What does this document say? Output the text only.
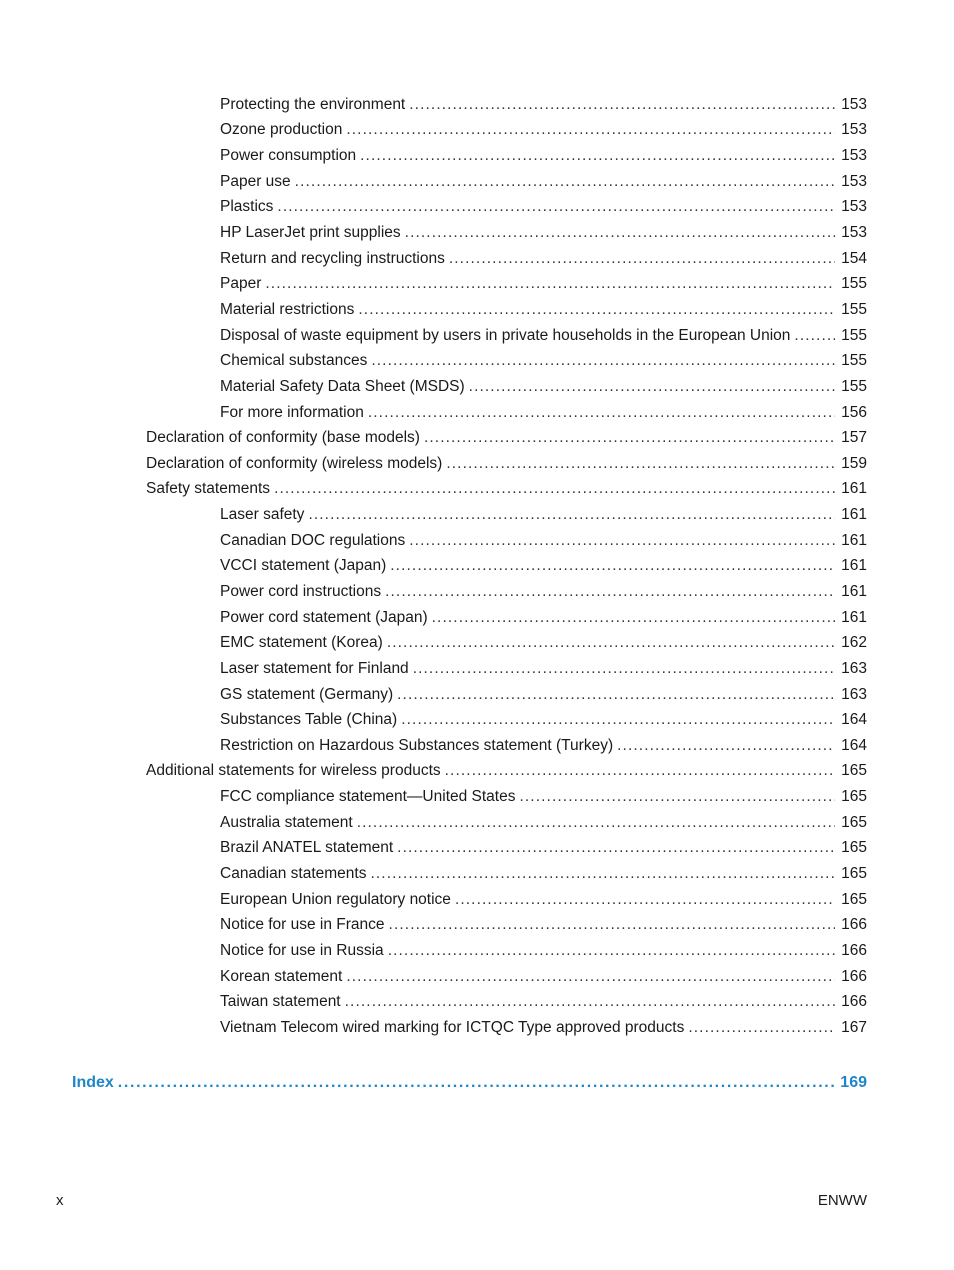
Protecting the environment . . .	153
Ozone production . . .	153
Power consumption . . .	153
Paper use . . .	153
Plastics . . .	153
HP LaserJet print supplies . . .	153
Return and recycling instructions . . .	154
Paper . . .	155
Material restrictions . . .	155
Disposal of waste equipment by users in private households in the European Union . . .	155
Chemical substances . . .	155
Material Safety Data Sheet (MSDS) . . .	155
For more information . . .	156
Declaration of conformity (base models) . . .	157
Declaration of conformity (wireless models) . . .	159
Safety statements . . .	161
Laser safety . . .	161
Canadian DOC regulations . . .	161
VCCI statement (Japan) . . .	161
Power cord instructions . . .	161
Power cord statement (Japan) . . .	161
EMC statement (Korea) . . .	162
Laser statement for Finland . . .	163
GS statement (Germany) . . .	163
Substances Table (China) . . .	164
Restriction on Hazardous Substances statement (Turkey) . . .	164
Additional statements for wireless products . . .	165
FCC compliance statement—United States . . .	165
Australia statement . . .	165
Brazil ANATEL statement . . .	165
Canadian statements . . .	165
European Union regulatory notice . . .	165
Notice for use in France . . .	166
Notice for use in Russia . . .	166
Korean statement . . .	166
Taiwan statement . . .	166
Vietnam Telecom wired marking for ICTQC Type approved products . . .	167
Index . . .	169
x	ENWW
